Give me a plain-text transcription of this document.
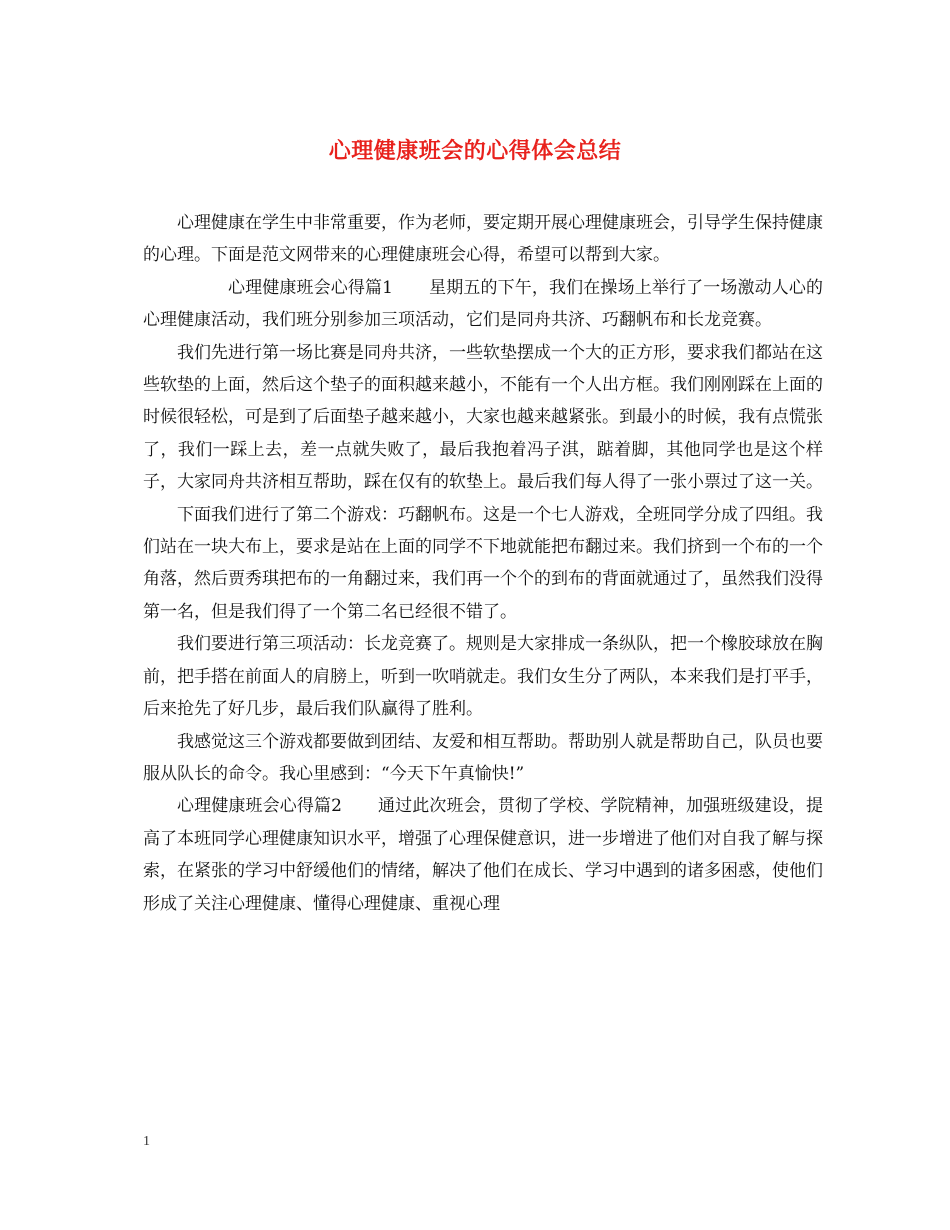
心理健康班会的心得体会总结

心理健康在学生中非常重要，作为老师，要定期开展心理健康班会，引导学生保持健康的心理。下面是范文网带来的心理健康班会心得，希望可以帮到大家。

心理健康班会心得篇1 星期五的下午，我们在操场上举行了一场激动人心的心理健康活动，我们班分别参加三项活动，它们是同舟共济、巧翻帆布和长龙竞赛。

我们先进行第一场比赛是同舟共济，一些软垫摆成一个大的正方形，要求我们都站在这些软垫的上面，然后这个垫子的面积越来越小，不能有一个人出方框。我们刚刚踩在上面的时候很轻松，可是到了后面垫子越来越小，大家也越来越紧张。到最小的时候，我有点慌张了，我们一踩上去，差一点就失败了，最后我抱着冯子淇，踮着脚，其他同学也是这个样子，大家同舟共济相互帮助，踩在仅有的软垫上。最后我们每人得了一张小票过了这一关。

下面我们进行了第二个游戏：巧翻帆布。这是一个七人游戏，全班同学分成了四组。我们站在一块大布上，要求是站在上面的同学不下地就能把布翻过来。我们挤到一个布的一个角落，然后贾秀琪把布的一角翻过来，我们再一个个的到布的背面就通过了，虽然我们没得第一名，但是我们得了一个第二名已经很不错了。

我们要进行第三项活动：长龙竞赛了。规则是大家排成一条纵队，把一个橡胶球放在胸前，把手搭在前面人的肩膀上，听到一吹哨就走。我们女生分了两队，本来我们是打平手，后来抢先了好几步，最后我们队赢得了胜利。

我感觉这三个游戏都要做到团结、友爱和相互帮助。帮助别人就是帮助自己，队员也要服从队长的命令。我心里感到：“今天下午真愉快!”

心理健康班会心得篇2 通过此次班会，贯彻了学校、学院精神，加强班级建设，提高了本班同学心理健康知识水平，增强了心理保健意识，进一步增进了他们对自我了解与探索，在紧张的学习中舒缓他们的情绪，解决了他们在成长、学习中遇到的诸多困惑，使他们形成了关注心理健康、懂得心理健康、重视心理

1
